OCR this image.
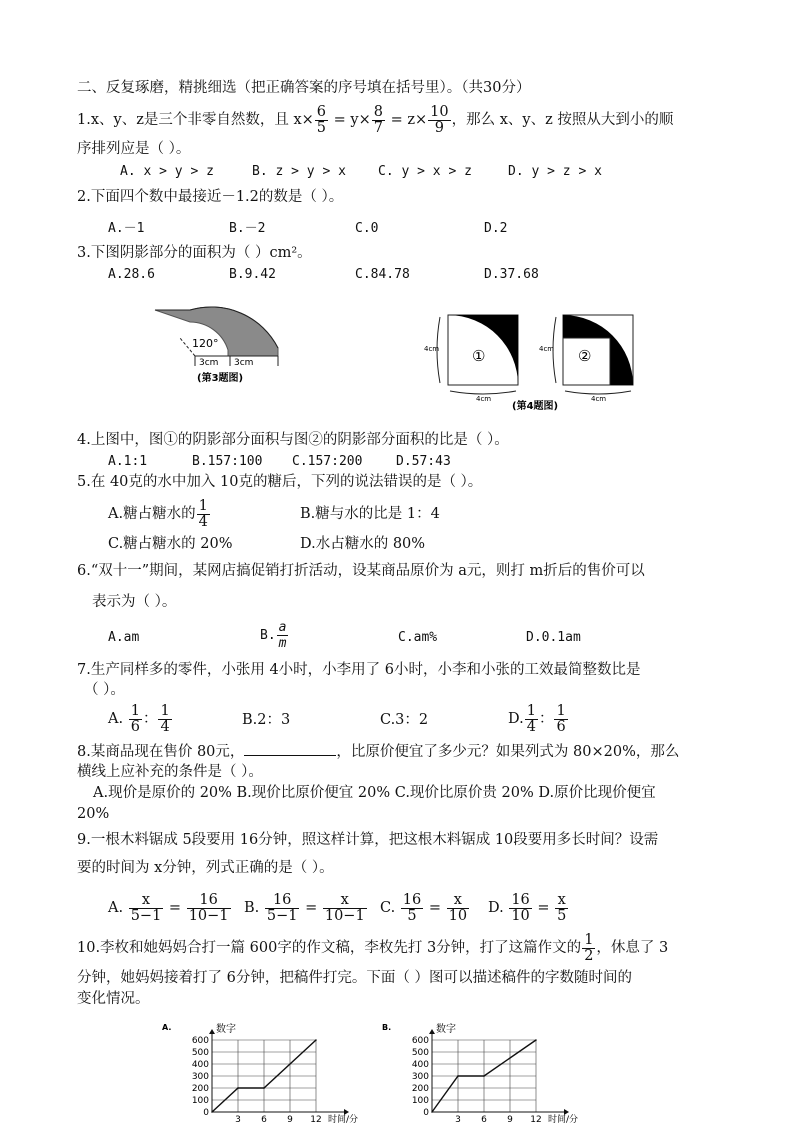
二、反复琢磨，精挑细选（把正确答案的序号填在括号里）。（共30分）
1.x、y、z是三个非零自然数，且 $x\times \frac{6}{5} = y\times \frac{8}{7} = z\times \frac{10}{9}$ ，那么 x、y、z 按照从大到小的顺
序排列应是（ ）。
A. x > y > z	B. z > y > x C. y > x > z	D. y > z > x
2.下面四个数中最接近－1.2的数是（ ）。
A.－1	B.－2	C.0	D.2
3.下图阴影部分的面积为（ ）cm²。
A.28.6	B.9.42	C.84.78	D.37.68
120°
3cm 3cm
(第3题图)
4cm
4cm
①	4cm
4cm
②
(第4题图)
4.上图中，图①的阴影部分面积与图②的阴影部分面积的比是（ ）。
A.1:1	B.157:100 C.157:200	D.57:43
5.在 40克的水中加入 10克的糖后，下列的说法错误的是（ ）。
A.糖占糖水的 $\frac{1}{4}$	B.糖与水的比是 1：4
C.糖占糖水的 20%	D.水占糖水的 80%
6.“双十一”期间，某网店搞促销打折活动，设某商品原价为 a元，则打 m折后的售价可以
表示为（ ）。
A.am	B. $\frac{a}{m}$	C.am%	D.0.1am
7.生产同样多的零件，小张用 4小时，小李用了 6小时，小李和小张的工效最简整数比是
（ ）。
A. $\frac{1}{6}$ ： $\frac{1}{4}$	B.2：3	C.3：2	D. $\frac{1}{4}$ ： $\frac{1}{6}$
8.某商品现在售价 80元，	，比原价便宜了多少元？如果列式为 80×20%，那么
横线上应补充的条件是（ ）。
A.现价是原价的 20% B.现价比原价便宜 20% C.现价比原价贵 20% D.原价比现价便宜
20%
9.一根木料锯成 5段要用 16分钟，照这样计算，把这根木料锯成 10段要用多长时间？设需
要的时间为 x分钟，列式正确的是（ ）。
A. $\frac{x}{5-1} = \frac{16}{10-1} B$. $\frac{16}{5-1} = \frac{x}{10-1} C$. $\frac{16}{5} = \frac{x}{10} D$. $\frac{16}{10} = \frac{x}{5}$
10.李枚和她妈妈合打一篇 600字的作文稿，李枚先打 3分钟，打了这篇作文的 $\frac{1}{2}$ ，休息了 3
分钟，她妈妈接着打了 6分钟，把稿件打完。下面（ ）图可以描述稿件的字数随时间的
变化情况。
A.	数字
0
100
200
300
400
500
600
3 6 9 12 时间/分
B.	数字
0
100
200
300
400
500
600
3 6 9 12 时间/分
